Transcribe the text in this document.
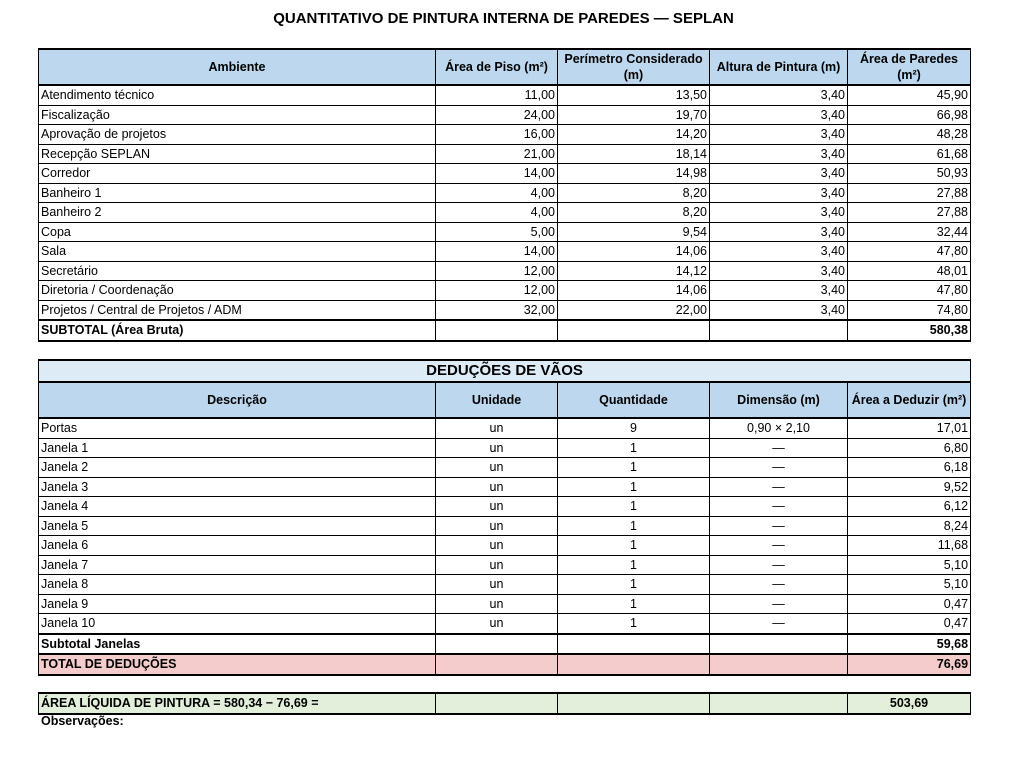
QUANTITATIVO DE PINTURA INTERNA DE PAREDES — SEPLAN
Ambiente	Área de Piso (m²)	Perímetro Considerado (m)	Altura de Pintura (m)	Área de Paredes (m²)
Atendimento técnico	11,00	13,50	3,40	45,90
Fiscalização	24,00	19,70	3,40	66,98
Aprovação de projetos	16,00	14,20	3,40	48,28
Recepção SEPLAN	21,00	18,14	3,40	61,68
Corredor	14,00	14,98	3,40	50,93
Banheiro 1	4,00	8,20	3,40	27,88
Banheiro 2	4,00	8,20	3,40	27,88
Copa	5,00	9,54	3,40	32,44
Sala	14,00	14,06	3,40	47,80
Secretário	12,00	14,12	3,40	48,01
Diretoria / Coordenação	12,00	14,06	3,40	47,80
Projetos / Central de Projetos / ADM	32,00	22,00	3,40	74,80
SUBTOTAL (Área Bruta)				580,38
DEDUÇÕES DE VÃOS				
Descrição	Unidade	Quantidade	Dimensão (m)	Área a Deduzir (m²)
Portas	un	9	0,90 × 2,10	17,01
Janela 1	un	1	—	6,80
Janela 2	un	1	—	6,18
Janela 3	un	1	—	9,52
Janela 4	un	1	—	6,12
Janela 5	un	1	—	8,24
Janela 6	un	1	—	11,68
Janela 7	un	1	—	5,10
Janela 8	un	1	—	5,10
Janela 9	un	1	—	0,47
Janela 10	un	1	—	0,47
Subtotal Janelas				59,68
TOTAL DE DEDUÇÕES				76,69
ÁREA LÍQUIDA DE PINTURA = 580,34 − 76,69 =				503,69
Observações:
